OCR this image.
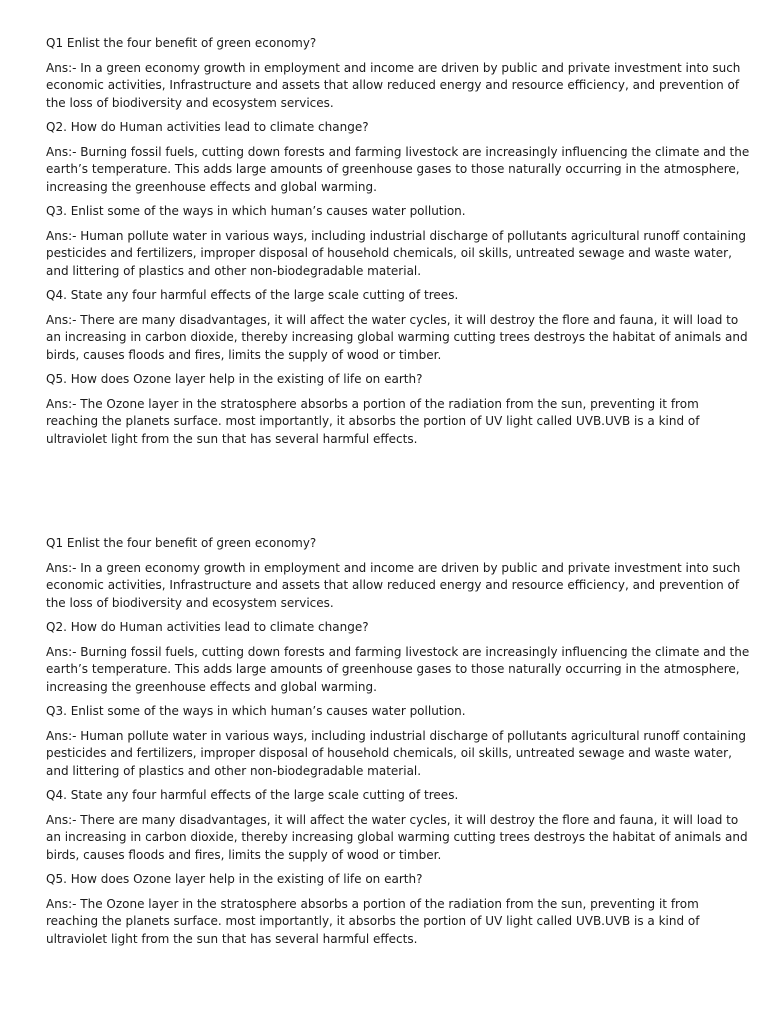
Q1 Enlist the four benefit of green economy?

Ans:- In a green economy growth in employment and income are driven by public and private investment into such
economic activities, Infrastructure and assets that allow reduced energy and resource efficiency, and prevention of
the loss of biodiversity and ecosystem services.

Q2. How do Human activities lead to climate change?

Ans:- Burning fossil fuels, cutting down forests and farming livestock are increasingly influencing the climate and the
earth’s temperature. This adds large amounts of greenhouse gases to those naturally occurring in the atmosphere,
increasing the greenhouse effects and global warming.

Q3. Enlist some of the ways in which human’s causes water pollution.

Ans:- Human pollute water in various ways, including industrial discharge of pollutants agricultural runoff containing
pesticides and fertilizers, improper disposal of household chemicals, oil skills, untreated sewage and waste water,
and littering of plastics and other non-biodegradable material.

Q4. State any four harmful effects of the large scale cutting of trees.

Ans:- There are many disadvantages, it will affect the water cycles, it will destroy the flore and fauna, it will load to
an increasing in carbon dioxide, thereby increasing global warming cutting trees destroys the habitat of animals and
birds, causes floods and fires, limits the supply of wood or timber.

Q5. How does Ozone layer help in the existing of life on earth?

Ans:- The Ozone layer in the stratosphere absorbs a portion of the radiation from the sun, preventing it from
reaching the planets surface. most importantly, it absorbs the portion of UV light called UVB.UVB is a kind of
ultraviolet light from the sun that has several harmful effects.

Q1 Enlist the four benefit of green economy?

Ans:- In a green economy growth in employment and income are driven by public and private investment into such
economic activities, Infrastructure and assets that allow reduced energy and resource efficiency, and prevention of
the loss of biodiversity and ecosystem services.

Q2. How do Human activities lead to climate change?

Ans:- Burning fossil fuels, cutting down forests and farming livestock are increasingly influencing the climate and the
earth’s temperature. This adds large amounts of greenhouse gases to those naturally occurring in the atmosphere,
increasing the greenhouse effects and global warming.

Q3. Enlist some of the ways in which human’s causes water pollution.

Ans:- Human pollute water in various ways, including industrial discharge of pollutants agricultural runoff containing
pesticides and fertilizers, improper disposal of household chemicals, oil skills, untreated sewage and waste water,
and littering of plastics and other non-biodegradable material.

Q4. State any four harmful effects of the large scale cutting of trees.

Ans:- There are many disadvantages, it will affect the water cycles, it will destroy the flore and fauna, it will load to
an increasing in carbon dioxide, thereby increasing global warming cutting trees destroys the habitat of animals and
birds, causes floods and fires, limits the supply of wood or timber.

Q5. How does Ozone layer help in the existing of life on earth?

Ans:- The Ozone layer in the stratosphere absorbs a portion of the radiation from the sun, preventing it from
reaching the planets surface. most importantly, it absorbs the portion of UV light called UVB.UVB is a kind of
ultraviolet light from the sun that has several harmful effects.
